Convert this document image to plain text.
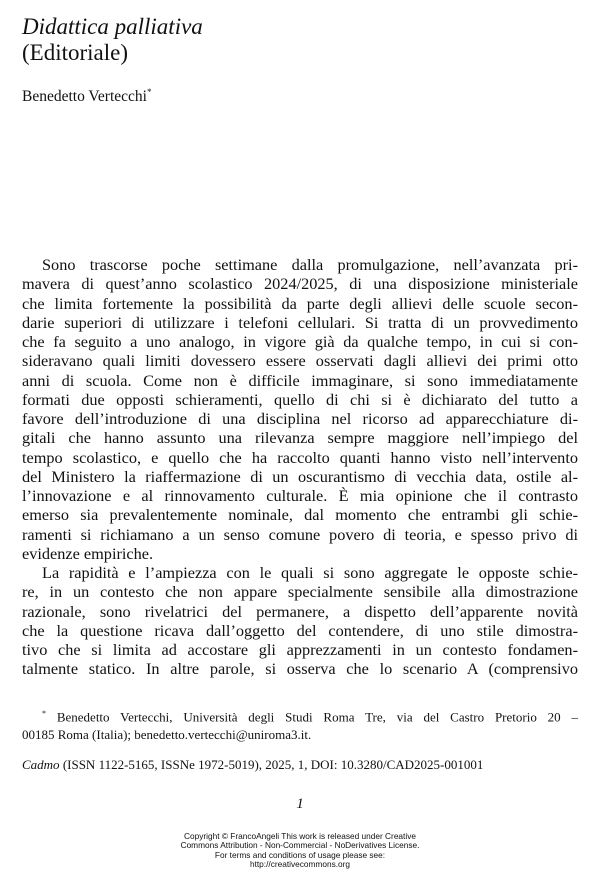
Didattica palliativa
(Editoriale)
Benedetto Vertecchi*
Sono trascorse poche settimane dalla promulgazione, nell’avanzata pri-
mavera di quest’anno scolastico 2024/2025, di una disposizione ministeriale
che limita fortemente la possibilità da parte degli allievi delle scuole secon-
darie superiori di utilizzare i telefoni cellulari. Si tratta di un provvedimento
che fa seguito a uno analogo, in vigore già da qualche tempo, in cui si con-
sideravano quali limiti dovessero essere osservati dagli allievi dei primi otto
anni di scuola. Come non è difficile immaginare, si sono immediatamente
formati due opposti schieramenti, quello di chi si è dichiarato del tutto a
favore dell’introduzione di una disciplina nel ricorso ad apparecchiature di-
gitali che hanno assunto una rilevanza sempre maggiore nell’impiego del
tempo scolastico, e quello che ha raccolto quanti hanno visto nell’intervento
del Ministero la riaffermazione di un oscurantismo di vecchia data, ostile al-
l’innovazione e al rinnovamento culturale. È mia opinione che il contrasto
emerso sia prevalentemente nominale, dal momento che entrambi gli schie-
ramenti si richiamano a un senso comune povero di teoria, e spesso privo di
evidenze empiriche.
La rapidità e l’ampiezza con le quali si sono aggregate le opposte schie-
re, in un contesto che non appare specialmente sensibile alla dimostrazione
razionale, sono rivelatrici del permanere, a dispetto dell’apparente novità
che la questione ricava dall’oggetto del contendere, di uno stile dimostra-
tivo che si limita ad accostare gli apprezzamenti in un contesto fondamen-
talmente statico. In altre parole, si osserva che lo scenario A (comprensivo
* Benedetto Vertecchi, Università degli Studi Roma Tre, via del Castro Pretorio 20 –
00185 Roma (Italia); benedetto.vertecchi@uniroma3.it.
Cadmo (ISSN 1122-5165, ISSNe 1972-5019), 2025, 1, DOI: 10.3280/CAD2025-001001
1
Copyright © FrancoAngeli This work is released under Creative
Commons Attribution - Non-Commercial - NoDerivatives License.
For terms and conditions of usage please see:
http://creativecommons.org
